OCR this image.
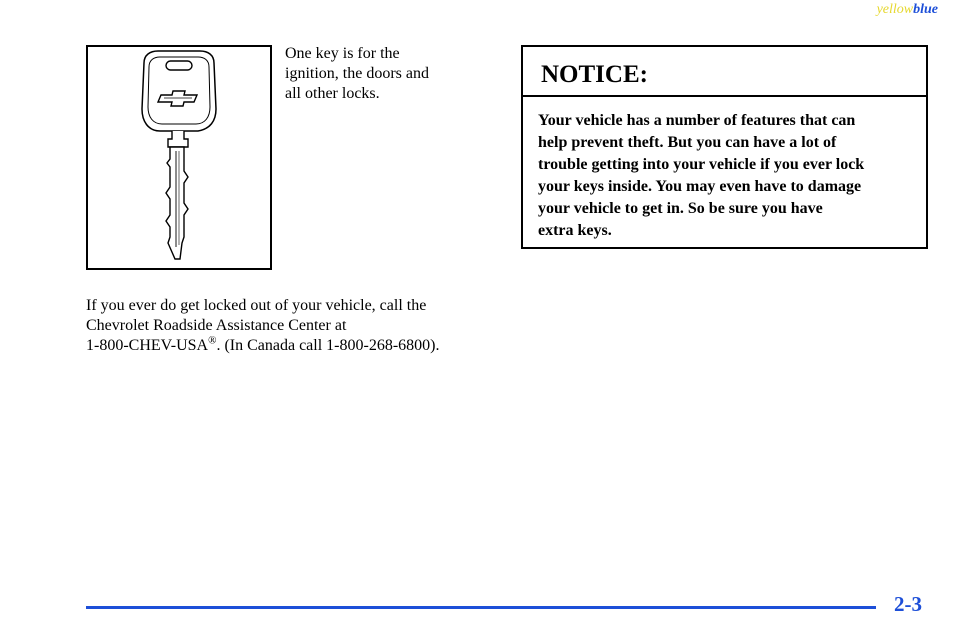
yellowblue
One key is for the
ignition, the doors and
all other locks.
If you ever do get locked out of your vehicle, call the
Chevrolet Roadside Assistance Center at
1-800-CHEV-USA®. (In Canada call 1-800-268-6800).
NOTICE:
Your vehicle has a number of features that can
help prevent theft. But you can have a lot of
trouble getting into your vehicle if you ever lock
your keys inside. You may even have to damage
your vehicle to get in. So be sure you have
extra keys.
2-3
